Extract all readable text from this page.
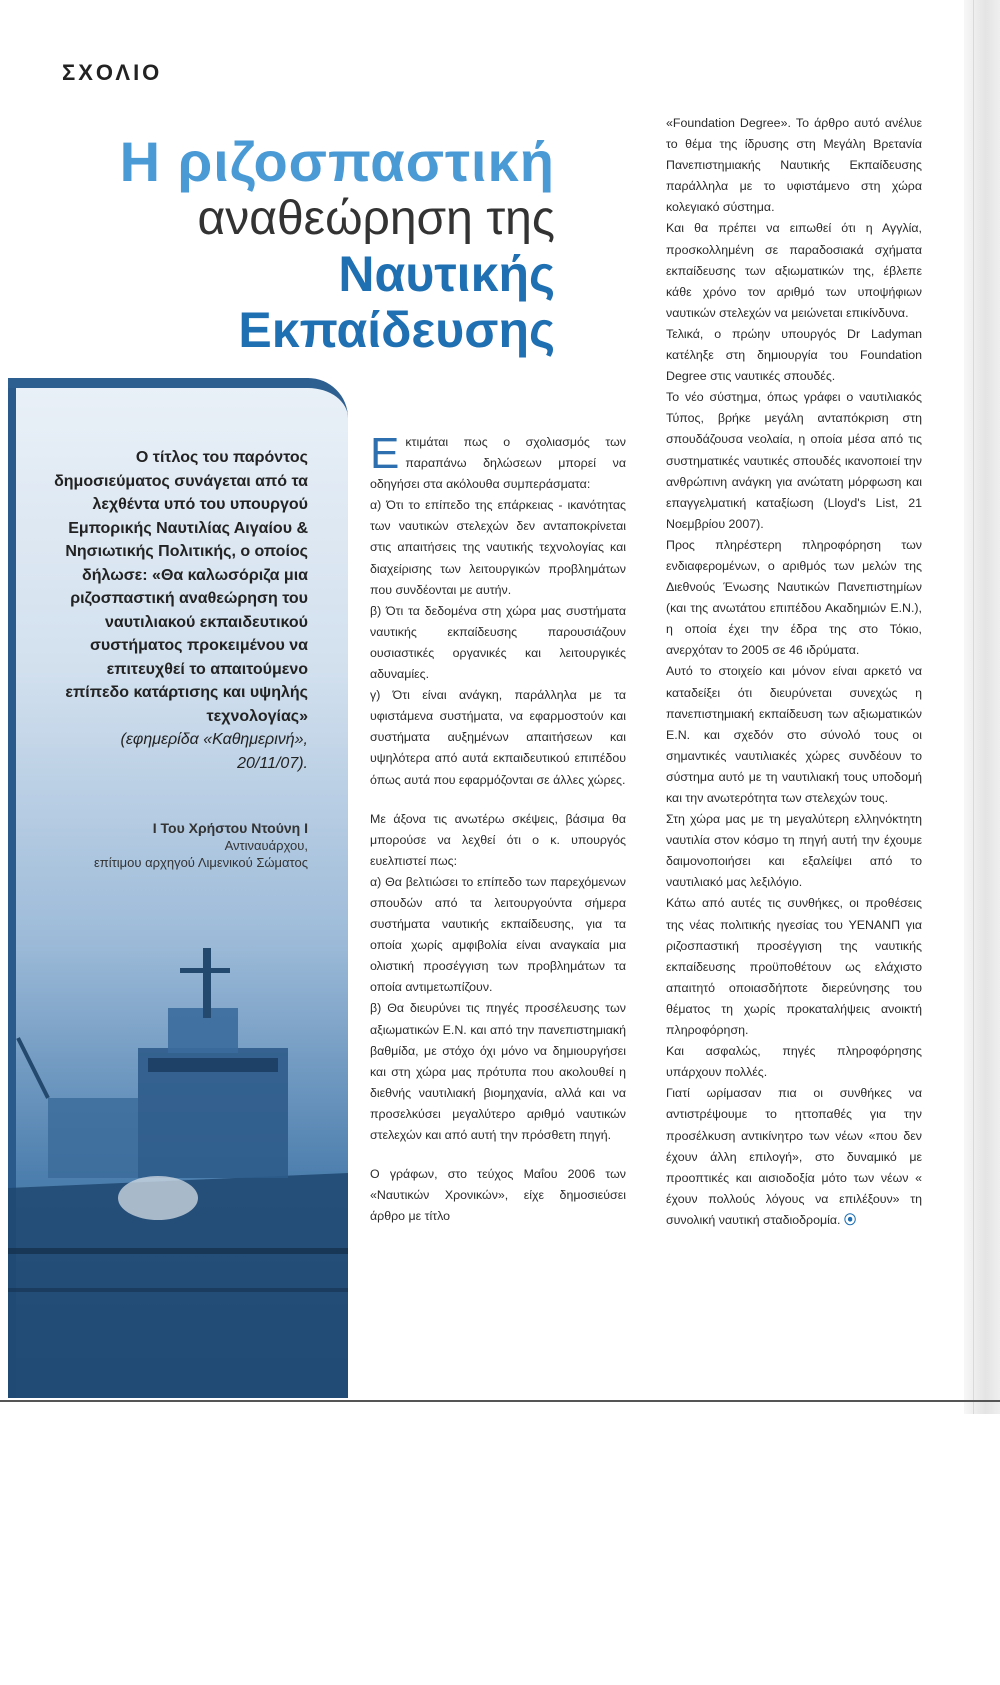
ΣΧΟΛΙΟ
Η ριζοσπαστική
αναθεώρηση της
Ναυτικής
Εκπαίδευσης
104
ΝΑΥΤΙΚΑ
ΧΡΟΝΙΚΑ
Ο τίτλος του παρόντος δημοσιεύματος συνάγεται από τα λεχθέντα υπό του υπουργού Εμπορικής Ναυτιλίας Αιγαίου & Νησιωτικής Πολιτικής, ο οποίος δήλωσε: «Θα καλωσόριζα μια ριζοσπαστική αναθεώρηση του ναυτιλιακού εκπαιδευτικού συστήματος προκειμένου να επιτευχθεί το απαιτούμενο επίπεδο κατάρτισης και υψηλής τεχνολογίας»
(εφημερίδα «Καθημερινή», 20/11/07).
Ι Του Χρήστου Ντούνη Ι
Αντιναυάρχου,
επίτιμου αρχηγού Λιμενικού Σώματος

Εκτιμάται πως ο σχολιασμός των παραπάνω δηλώσεων μπορεί να οδηγήσει στα ακόλουθα συμπεράσματα:

α) Ότι το επίπεδο της επάρκειας - ικανότητας των ναυτικών στελεχών δεν ανταποκρίνεται στις απαιτήσεις της ναυτικής τεχνολογίας και διαχείρισης των λειτουργικών προβλημάτων που συνδέονται με αυτήν.

β) Ότι τα δεδομένα στη χώρα μας συστήματα ναυτικής εκπαίδευσης παρουσιάζουν ουσιαστικές οργανικές και λειτουργικές αδυναμίες.

γ) Ότι είναι ανάγκη, παράλληλα με τα υφιστάμενα συστήματα, να εφαρμοστούν και συστήματα αυξημένων απαιτήσεων και υψηλότερα από αυτά εκπαιδευτικού επιπέδου όπως αυτά που εφαρμόζονται σε άλλες χώρες.

Με άξονα τις ανωτέρω σκέψεις, βάσιμα θα μπορούσε να λεχθεί ότι ο κ. υπουργός ευελπιστεί πως:

α) Θα βελτιώσει το επίπεδο των παρεχόμενων σπουδών από τα λειτουργούντα σήμερα συστήματα ναυτικής εκπαίδευσης, για τα οποία χωρίς αμφιβολία είναι αναγκαία μια ολιστική προσέγγιση των προβλημάτων τα οποία αντιμετωπίζουν.

β) Θα διευρύνει τις πηγές προσέλευσης των αξιωματικών Ε.Ν. και από την πανεπιστημιακή βαθμίδα, με στόχο όχι μόνο να δημιουργήσει και στη χώρα μας πρότυπα που ακολουθεί η διεθνής ναυτιλιακή βιομηχανία, αλλά και να προσελκύσει μεγαλύτερο αριθμό ναυτικών στελεχών και από αυτή την πρόσθετη πηγή.

Ο γράφων, στο τεύχος Μαΐου 2006 των «Ναυτικών Χρονικών», είχε δημοσιεύσει άρθρο με τίτλο

«Foundation Degree». Το άρθρο αυτό ανέλυε το θέμα της ίδρυσης στη Μεγάλη Βρετανία Πανεπιστημιακής Ναυτικής Εκπαίδευσης παράλληλα με το υφιστάμενο στη χώρα κολεγιακό σύστημα.

Και θα πρέπει να ειπωθεί ότι η Αγγλία, προσκολλημένη σε παραδοσιακά σχήματα εκπαίδευσης των αξιωματικών της, έβλεπε κάθε χρόνο τον αριθμό των υποψήφιων ναυτικών στελεχών να μειώνεται επικίνδυνα.

Τελικά, ο πρώην υπουργός Dr Ladyman κατέληξε στη δημιουργία του Foundation Degree στις ναυτικές σπουδές.

Το νέο σύστημα, όπως γράφει ο ναυτιλιακός Τύπος, βρήκε μεγάλη ανταπόκριση στη σπουδάζουσα νεολαία, η οποία μέσα από τις συστηματικές ναυτικές σπουδές ικανοποιεί την ανθρώπινη ανάγκη για ανώτατη μόρφωση και επαγγελματική καταξίωση (Lloyd's List, 21 Νοεμβρίου 2007).

Προς πληρέστερη πληροφόρηση των ενδιαφερομένων, ο αριθμός των μελών της Διεθνούς Ένωσης Ναυτικών Πανεπιστημίων (και της ανωτάτου επιπέδου Ακαδημιών Ε.Ν.), η οποία έχει την έδρα της στο Τόκιο, ανερχόταν το 2005 σε 46 ιδρύματα.

Αυτό το στοιχείο και μόνον είναι αρκετό να καταδείξει ότι διευρύνεται συνεχώς η πανεπιστημιακή εκπαίδευση των αξιωματικών Ε.Ν. και σχεδόν στο σύνολό τους οι σημαντικές ναυτιλιακές χώρες συνδέουν το σύστημα αυτό με τη ναυτιλιακή τους υποδομή και την ανωτερότητα των στελεχών τους.

Στη χώρα μας με τη μεγαλύτερη ελληνόκτητη ναυτιλία στον κόσμο τη πηγή αυτή την έχουμε δαιμονοποιήσει και εξαλείψει από το ναυτιλιακό μας λεξιλόγιο.

Κάτω από αυτές τις συνθήκες, οι προθέσεις της νέας πολιτικής ηγεσίας του ΥΕΝΑΝΠ για ριζοσπαστική προσέγγιση της ναυτικής εκπαίδευσης προϋποθέτουν ως ελάχιστο απαιτητό οποιασδήποτε διερεύνησης του θέματος τη χωρίς προκαταλήψεις ανοικτή πληροφόρηση.

Και ασφαλώς, πηγές πληροφόρησης υπάρχουν πολλές.

Γιατί ωρίμασαν πια οι συνθήκες να αντιστρέψουμε το ηττοπαθές για την προσέλκυση αντικίνητρο των νέων «που δεν έχουν άλλη επιλογή», στο δυναμικό με προοπτικές και αισιοδοξία μότο των νέων « έχουν πολλούς λόγους να επιλέξουν» τη συνολική ναυτική σταδιοδρομία. ⦿
